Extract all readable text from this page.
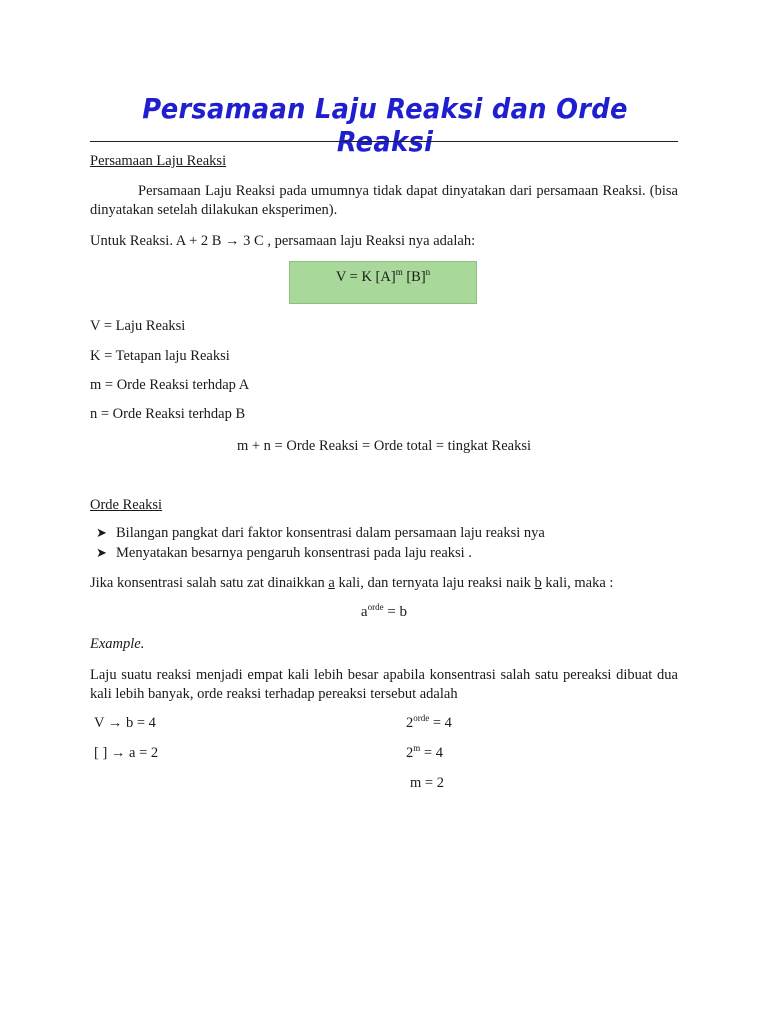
Persamaan Laju Reaksi dan Orde Reaksi
Persamaan Laju Reaksi
Persamaan Laju Reaksi pada umumnya tidak dapat dinyatakan dari persamaan Reaksi. (bisa dinyatakan setelah dilakukan eksperimen).
Untuk Reaksi. A + 2 B → 3 C , persamaan laju Reaksi nya adalah:
V = K $[A]^m$ $[B]^n$
V = Laju Reaksi
K = Tetapan laju Reaksi
m = Orde Reaksi terhdap A
n = Orde Reaksi terhdap B
m + n = Orde Reaksi = Orde total = tingkat Reaksi
Orde Reaksi
➤ Bilangan pangkat dari faktor konsentrasi dalam persamaan laju reaksi nya
➤ Menyatakan besarnya pengaruh konsentrasi pada laju reaksi .
Jika konsentrasi salah satu zat dinaikkan a kali, dan ternyata laju reaksi naik b kali, maka :
$a^{orde} = b$
Example.
Laju suatu reaksi menjadi empat kali lebih besar apabila konsentrasi salah satu pereaksi dibuat dua kali lebih banyak, orde reaksi terhadap pereaksi tersebut adalah
V → b = 4
[ ] → a = 2
$2^{orde} = 4$
$2^m = 4$
m = 2
